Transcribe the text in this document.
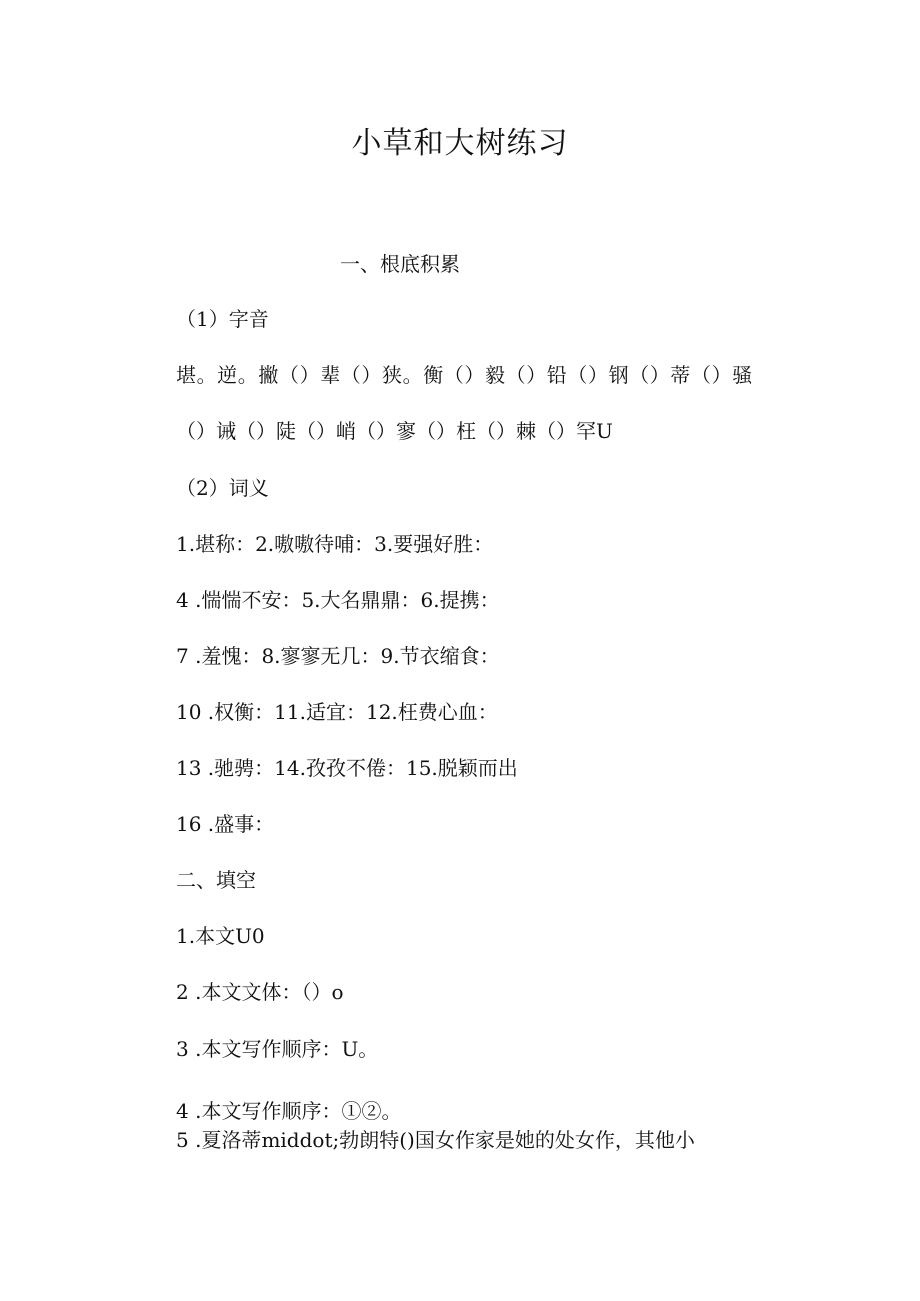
小草和大树练习
一、根底积累
（1）字音
堪。逆。撇（）辈（）狭。衡（）毅（）铅（）钢（）蒂（）骚
（）诫（）陡（）峭（）寥（）枉（）棘（）罕U
（2）词义
1.堪称：2.嗷嗷待哺：3.要强好胜：
4 .惴惴不安：5.大名鼎鼎：6.提携：
7 .羞愧：8.寥寥无几：9.节衣缩食：
10 .权衡：11.适宜：12.枉费心血：
13 .驰骋：14.孜孜不倦：15.脱颖而出
16 .盛事：
二、填空
1.本文U0
2 .本文文体：（）o
3 .本文写作顺序：U。
4 .本文写作顺序：①②。
5 .夏洛蒂middot;勃朗特()国女作家是她的处女作，其他小
